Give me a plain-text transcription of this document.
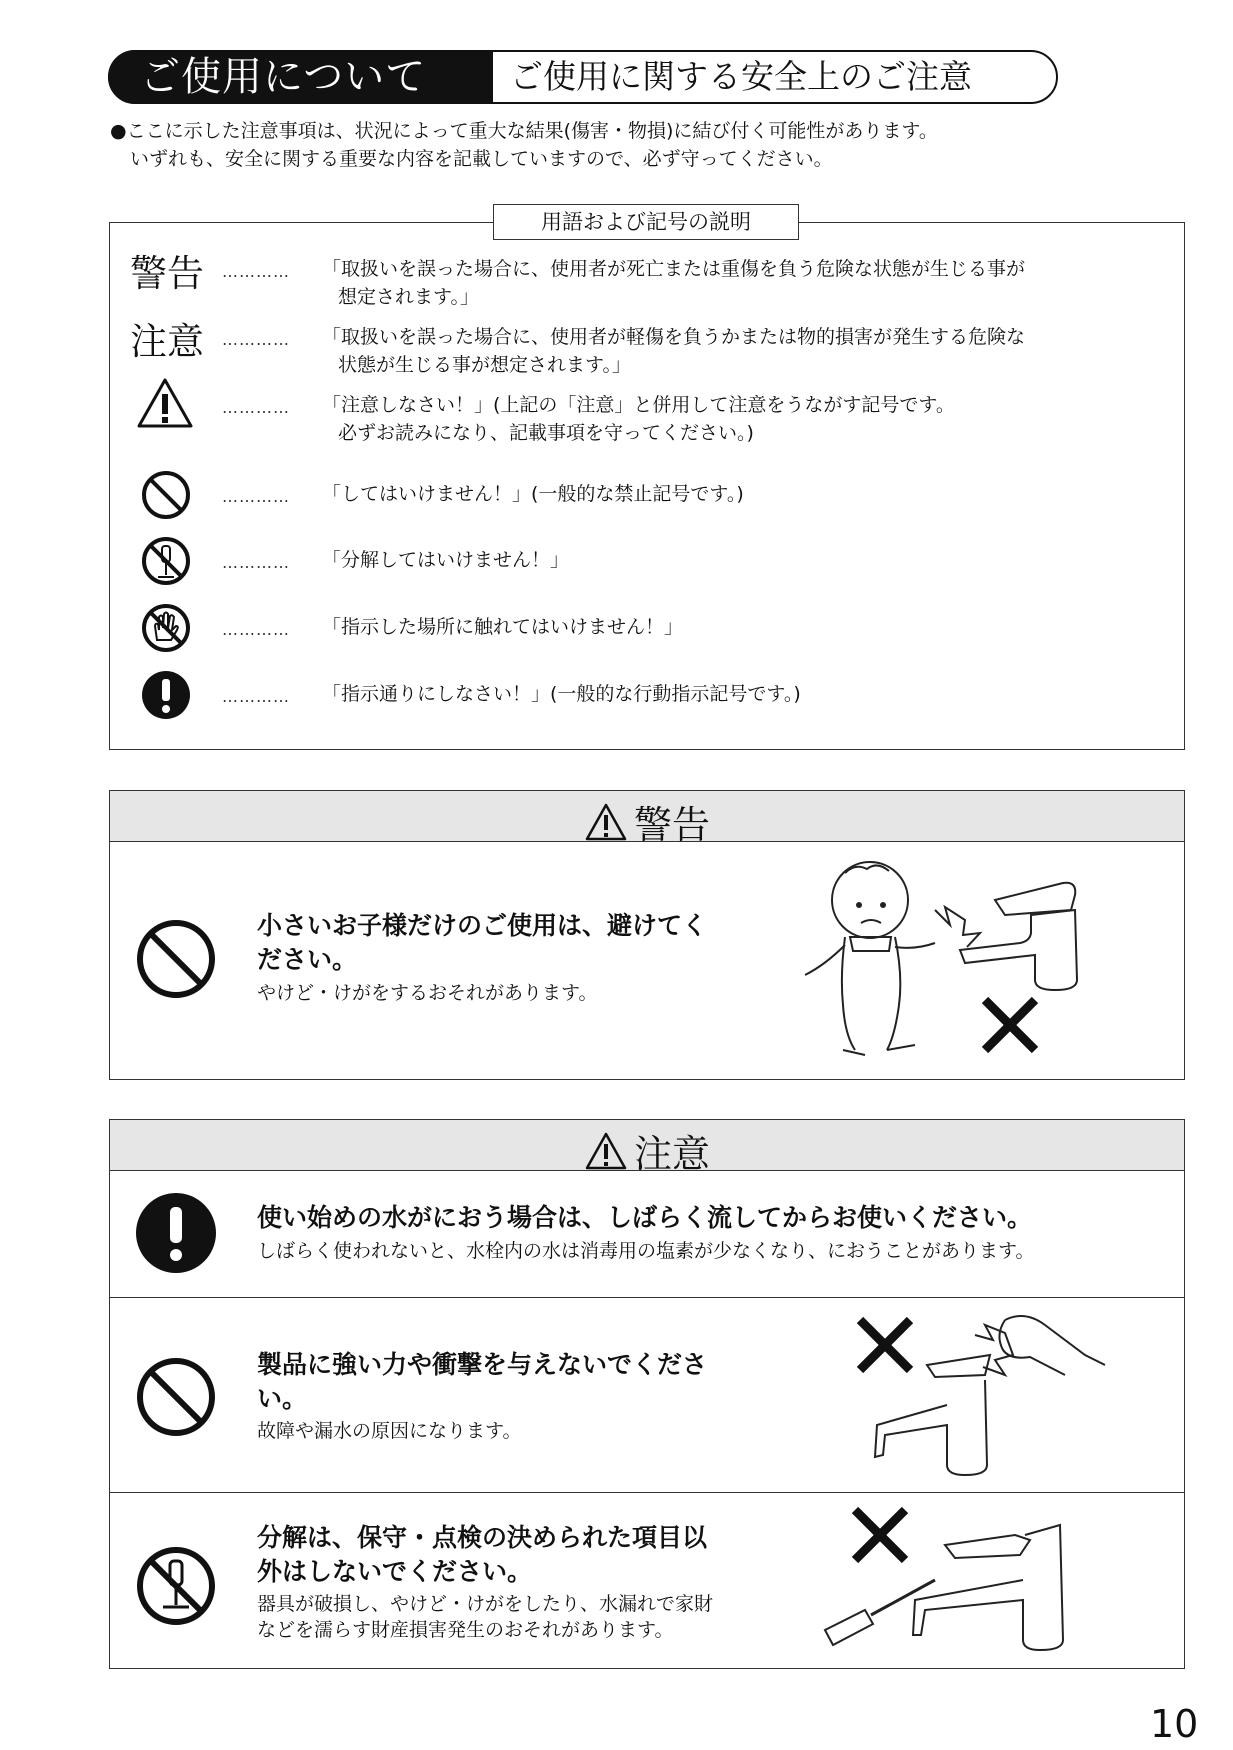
ご使用について	ご使用に関する安全上のご注意
●ここに示した注意事項は、状況によって重大な結果(傷害・物損)に結び付く可能性があります。
いずれも、安全に関する重要な内容を記載していますので、必ず守ってください。
用語および記号の説明
警告 ………… 「取扱いを誤った場合に、使用者が死亡または重傷を負う危険な状態が生じる事が
想定されます。」
注意 ………… 「取扱いを誤った場合に、使用者が軽傷を負うかまたは物的損害が発生する危険な
状態が生じる事が想定されます。」
………… 「注意しなさい！」(上記の「注意」と併用して注意をうながす記号です。
必ずお読みになり、記載事項を守ってください。)
………… 「してはいけません！」(一般的な禁止記号です。)
………… 「分解してはいけません！」
………… 「指示した場所に触れてはいけません！」
………… 「指示通りにしなさい！」(一般的な行動指示記号です。)
警告
小さいお子様だけのご使用は、避けてく
ださい。
やけど・けがをするおそれがあります。
注意
使い始めの水がにおう場合は、しばらく流してからお使いください。
しばらく使われないと、水栓内の水は消毒用の塩素が少なくなり、におうことがあります。
製品に強い力や衝撃を与えないでくださ
い。
故障や漏水の原因になります。
分解は、保守・点検の決められた項目以
外はしないでください。
器具が破損し、やけど・けがをしたり、水漏れで家財
などを濡らす財産損害発生のおそれがあります。
10
